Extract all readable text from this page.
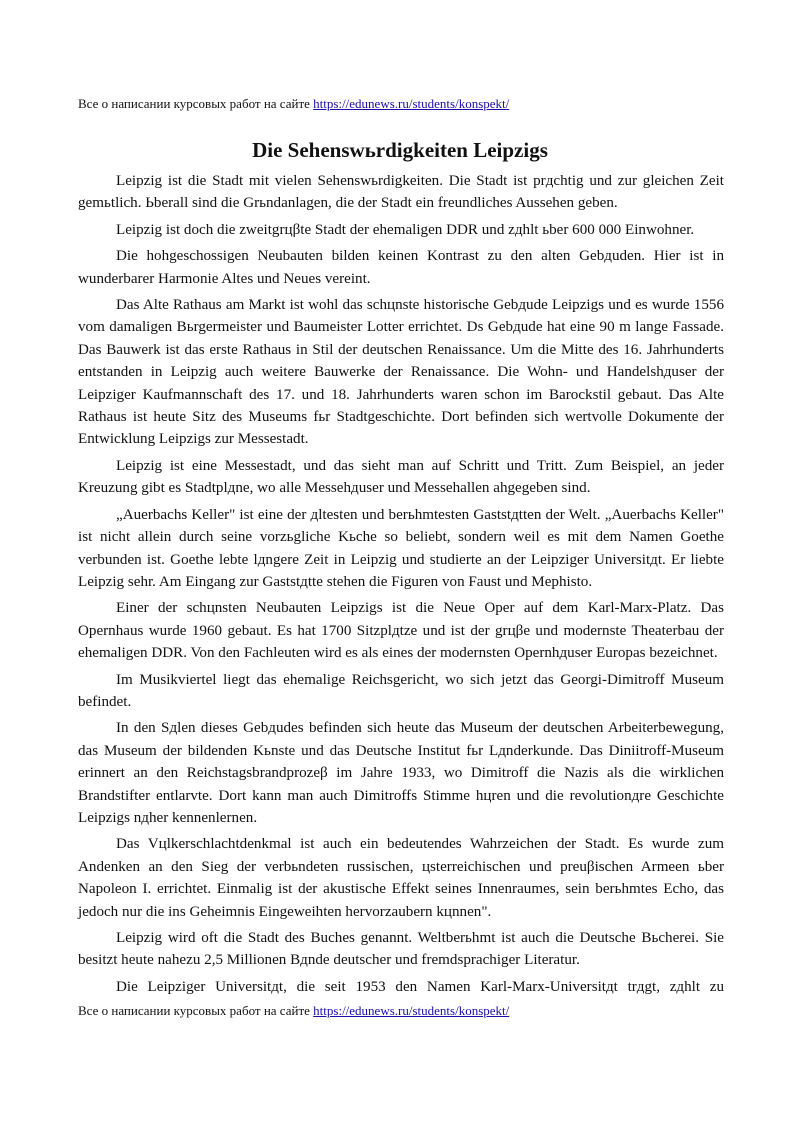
Все о написании курсовых работ на сайте https://edunews.ru/students/konspekt/
Die Sehenswьrdigkeiten Leipzigs

Leipzig ist die Stadt mit vielen Sehenswьrdigkeiten. Die Stadt ist prдchtig und zur gleichen Zeit gemьtlich. Ьberall sind die Grьndanlagen, die der Stadt ein freundliches Aussehen geben.

Leipzig ist doch die zweitgrцβte Stadt der ehemaligen DDR und zдhlt ьber 600 000 Einwohner.

Die hohgeschossigen Neubauten bilden keinen Kontrast zu den alten Gebдuden. Hier ist in wunderbarer Harmonie Altes und Neues vereint.

Das Alte Rathaus am Markt ist wohl das schцnste historische Gebдude Leipzigs und es wurde 1556 vom damaligen Bьrgermeister und Baumeister Lotter errichtet. Ds Gebдude hat eine 90 m lange Fassade. Das Bauwerk ist das erste Rathaus in Stil der deutschen Renaissance. Um die Mitte des 16. Jahrhunderts entstanden in Leipzig auch weitere Bauwerke der Renaissance. Die Wohn- und Handelshдuser der Leipziger Kaufmannschaft des 17. und 18. Jahrhunderts waren schon im Barockstil gebaut. Das Alte Rathaus ist heute Sitz des Museums fьr Stadtgeschichte. Dort befinden sich wertvolle Dokumente der Entwicklung Leipzigs zur Messestadt.

Leipzig ist eine Messestadt, und das sieht man auf Schritt und Tritt. Zum Beispiel, an jeder Kreuzung gibt es Stadtplдne, wo alle Messehдuser und Messehallen ahgegeben sind.

„Auerbachs Keller" ist eine der дltesten und berьhmtesten Gaststдtten der Welt. „Auerbachs Keller" ist nicht allein durch seine vorzьgliche Kьche so beliebt, sondern weil es mit dem Namen Goethe verbunden ist. Goethe lebte lдngere Zeit in Leipzig und studierte an der Leipziger Universitдt. Er liebte Leipzig sehr. Am Eingang zur Gaststдtte stehen die Figuren von Faust und Mephisto.

Einer der schцnsten Neubauten Leipzigs ist die Neue Oper auf dem Karl-Marx-Platz. Das Opernhaus wurde 1960 gebaut. Es hat 1700 Sitzplдtze und ist der grцβe und modernste Theaterbau der ehemaligen DDR. Von den Fachleuten wird es als eines der modernsten Opernhдuser Europas bezeichnet.

Im Musikviertel liegt das ehemalige Reichsgericht, wo sich jetzt das Georgi-Dimitroff Museum befindet.

In den Sдlen dieses Gebдudes befinden sich heute das Museum der deutschen Arbeiterbewegung, das Museum der bildenden Kьnste und das Deutsche Institut fьr Lдnderkunde. Das Diniitroff-Museum erinnert an den Reichstagsbrandprozeβ im Jahre 1933, wo Dimitroff die Nazis als die wirklichen Brandstifter entlarvte. Dort kann man auch Dimitroffs Stimme hцren und die revolutionдre Geschichte Leipzigs nдher kennenlernen.

Das Vцlkerschlachtdenkmal ist auch ein bedeutendes Wahrzeichen der Stadt. Es wurde zum Andenken an den Sieg der verbьndeten russischen, цsterreichischen und preuβischen Armeen ьber Napoleon I. errichtet. Einmalig ist der akustische Effekt seines Innenraumes, sein berьhmtes Echo, das jedoch nur die ins Geheimnis Eingeweihten hervorzaubern kцnnen".

Leipzig wird oft die Stadt des Buches genannt. Weltberьhmt ist auch die Deutsche Bьcherei. Sie besitzt heute nahezu 2,5 Millionen Bдnde deutscher und fremdsprachiger Literatur.

Die Leipziger Universitдt, die seit 1953 den Namen Karl-Marx-Universitдt trдgt, zдhlt zu

Все о написании курсовых работ на сайте https://edunews.ru/students/konspekt/
